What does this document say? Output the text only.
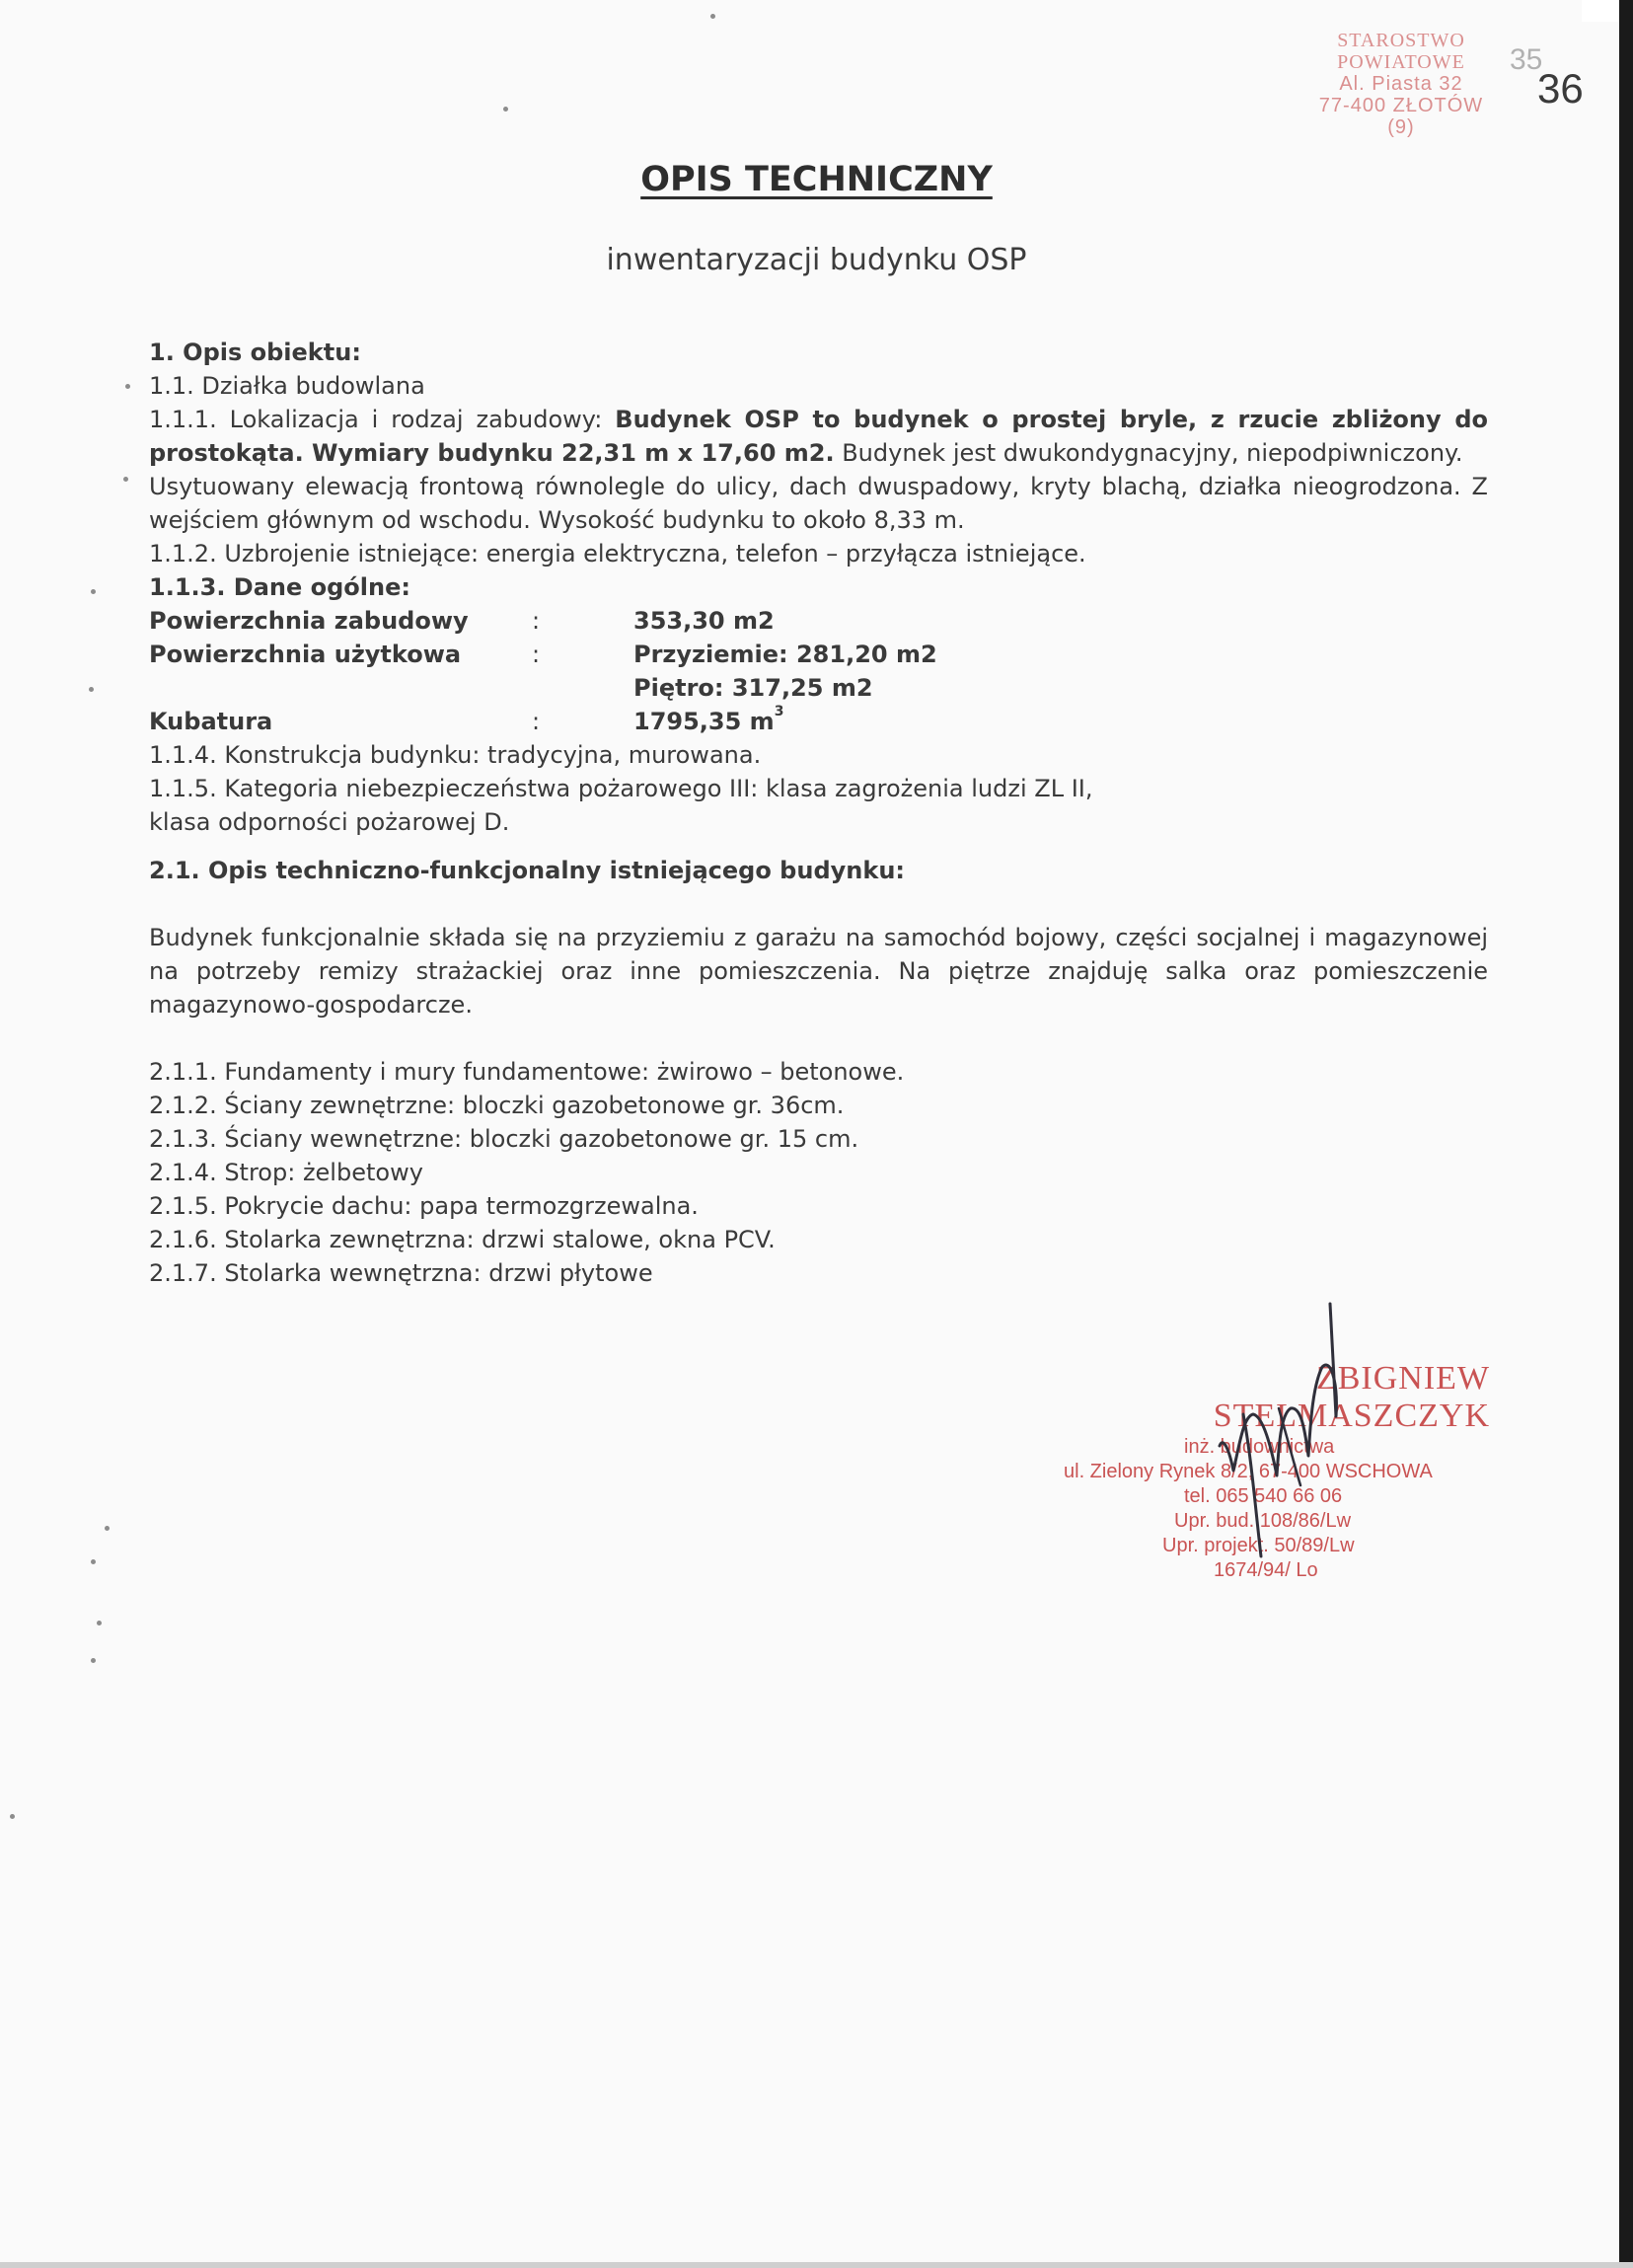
STAROSTWO POWIATOWE
Al. Piasta 32
77-400 ZŁOTÓW
(9)
35
36
OPIS TECHNICZNY
inwentaryzacji budynku OSP

1. Opis obiektu:

1.1. Działka budowlana

1.1.1. Lokalizacja i rodzaj zabudowy: Budynek OSP to budynek o prostej bryle, z rzucie zbliżony do prostokąta. Wymiary budynku 22,31 m x 17,60 m2. Budynek jest dwukondygnacyjny, niepodpiwniczony.

Usytuowany elewacją frontową równolegle do ulicy, dach dwuspadowy, kryty blachą, działka nieogrodzona. Z wejściem głównym od wschodu. Wysokość budynku to około 8,33 m.

1.1.2. Uzbrojenie istniejące: energia elektryczna, telefon – przyłącza istniejące.

1.1.3. Dane ogólne:

Powierzchnia zabudowy	:	353,30 m2
Powierzchnia użytkowa	:	Przyziemie: 281,20 m2
Piętro: 317,25 m2
Kubatura	:	1795,35 $m^3$

1.1.4. Konstrukcja budynku: tradycyjna, murowana.

1.1.5. Kategoria niebezpieczeństwa pożarowego III: klasa zagrożenia ludzi ZL II,

klasa odporności pożarowej D.

2.1. Opis techniczno-funkcjonalny istniejącego budynku:

Budynek funkcjonalnie składa się na przyziemiu z garażu na samochód bojowy, części socjalnej i magazynowej na potrzeby remizy strażackiej oraz inne pomieszczenia. Na piętrze znajduję salka oraz pomieszczenie magazynowo-gospodarcze.

2.1.1. Fundamenty i mury fundamentowe: żwirowo – betonowe.

2.1.2. Ściany zewnętrzne: bloczki gazobetonowe gr. 36cm.

2.1.3. Ściany wewnętrzne: bloczki gazobetonowe gr. 15 cm.

2.1.4. Strop: żelbetowy

2.1.5. Pokrycie dachu: papa termozgrzewalna.

2.1.6. Stolarka zewnętrzna: drzwi stalowe, okna PCV.

2.1.7. Stolarka wewnętrzna: drzwi płytowe

ZBIGNIEW STELMASZCZYK
inż. budownictwa
ul. Zielony Rynek 8/2, 67-400 WSCHOWA
tel. 065 540 66 06
Upr. bud. 108/86/Lw
Upr. projekt. 50/89/Lw
1674/94/ Lo
